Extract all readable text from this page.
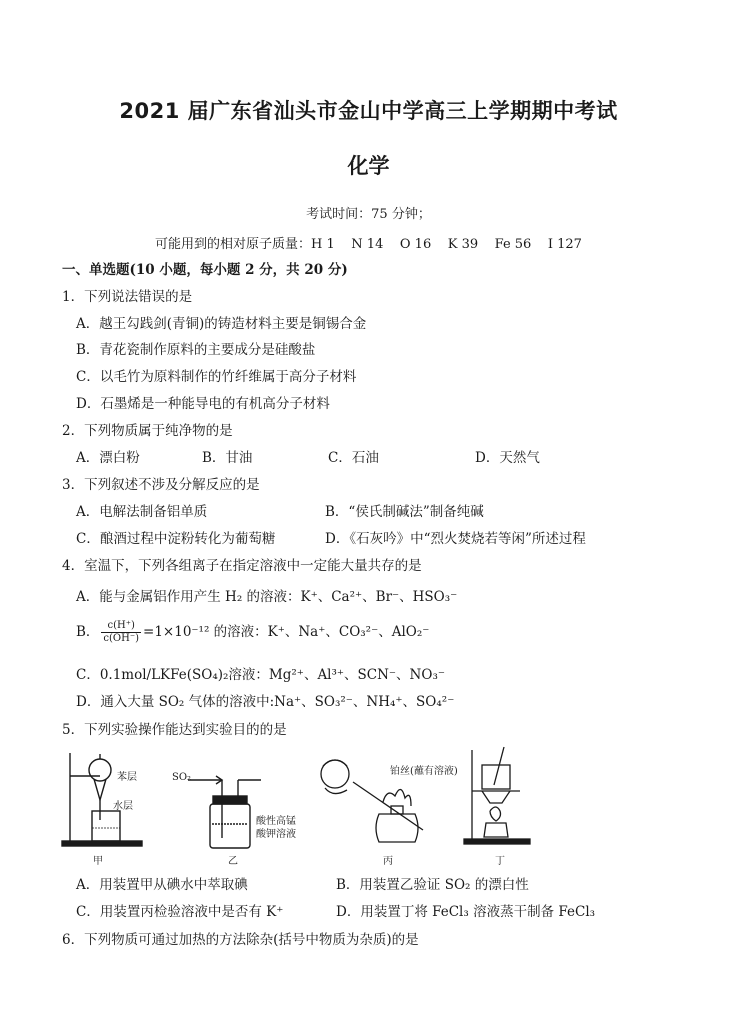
2021 届广东省汕头市金山中学高三上学期期中考试
化学
考试时间：75 分钟；
可能用到的相对原子质量：H 1    N 14    O 16    K 39    Fe 56    I 127
一、单选题(10 小题，每小题 2 分，共 20 分)
1．下列说法错误的是
A．越王勾践剑(青铜)的铸造材料主要是铜锡合金
B．青花瓷制作原料的主要成分是硅酸盐
C．以毛竹为原料制作的竹纤维属于高分子材料
D．石墨烯是一种能导电的有机高分子材料
2．下列物质属于纯净物的是
A．漂白粉	B．甘油	C．石油	D．天然气
3．下列叙述不涉及分解反应的是
A．电解法制备铝单质	B．“侯氏制碱法”制备纯碱
C．酿酒过程中淀粉转化为葡萄糖	D．《石灰吟》中“烈火焚烧若等闲”所述过程
4．室温下，下列各组离子在指定溶液中一定能大量共存的是
A．能与金属铝作用产生 H₂ 的溶液：K⁺、Ca²⁺、Br⁻、HSO₃⁻
B． $\frac{c(H^+)}{c(OH^-)} =1\times 10^{-12}$ 的溶液：K⁺、Na⁺、CO₃²⁻、AlO₂⁻
C．0.1mol/LKFe(SO₄)₂溶液：Mg²⁺、Al³⁺、SCN⁻、NO₃⁻
D．通入大量 SO₂ 气体的溶液中:Na⁺、SO₃²⁻、NH₄⁺、SO₄²⁻
5．下列实验操作能达到实验目的的是
苯层
水层
甲
SO₂
酸性高锰
酸钾溶液
乙
铂丝(蘸有溶液)
丙	丁
A．用装置甲从碘水中萃取碘	B．用装置乙验证 SO₂ 的漂白性
C．用装置丙检验溶液中是否有 K⁺	D．用装置丁将 FeCl₃ 溶液蒸干制备 FeCl₃
6．下列物质可通过加热的方法除杂(括号中物质为杂质)的是
